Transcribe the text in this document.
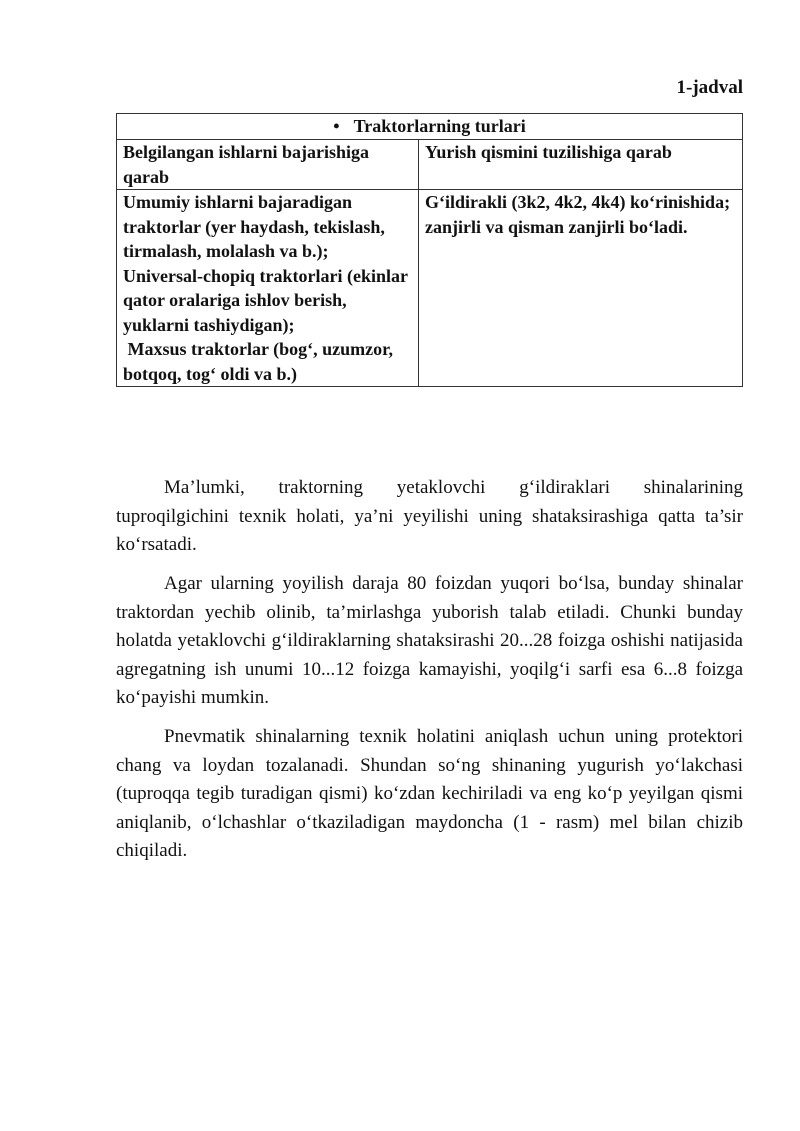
1-jadval
• Traktorlarning turlari	
Belgilangan ishlarni bajarishiga qarab	Yurish qismini tuzilishiga qarab

Umumiy ishlarni bajaradigan traktorlar (yer haydash, tekislash, tirmalash, molalash va b.);
Universal-chopiq traktorlari (ekinlar qator oralariga ishlov berish, yuklarni tashiydigan);
Maxsus traktorlar (bog‘, uzumzor, botqoq, tog‘ oldi va b.)	G‘ildirakli (3k2, 4k2, 4k4) ko‘rinishida; zanjirli va qisman zanjirli bo‘ladi.

Ma’lumki, traktorning yetaklovchi g‘ildiraklari shinalarining tuproqilgichini texnik holati, ya’ni yeyilishi uning shataksirashiga qatta ta’sir ko‘rsatadi.

Agar ularning yoyilish daraja 80 foizdan yuqori bo‘lsa, bunday shinalar traktordan yechib olinib, ta’mirlashga yuborish talab etiladi. Chunki bunday holatda yetaklovchi g‘ildiraklarning shataksirashi 20...28 foizga oshishi natijasida agregatning ish unumi 10...12 foizga kamayishi, yoqilg‘i sarfi esa 6...8 foizga ko‘payishi mumkin.

Pnevmatik shinalarning texnik holatini aniqlash uchun uning protektori chang va loydan tozalanadi. Shundan so‘ng shinaning yugurish yo‘lakchasi (tuproqqa tegib turadigan qismi) ko‘zdan kechiriladi va eng ko‘p yeyilgan qismi aniqlanib, o‘lchashlar o‘tkaziladigan maydoncha (1 - rasm) mel bilan chizib chiqiladi.
